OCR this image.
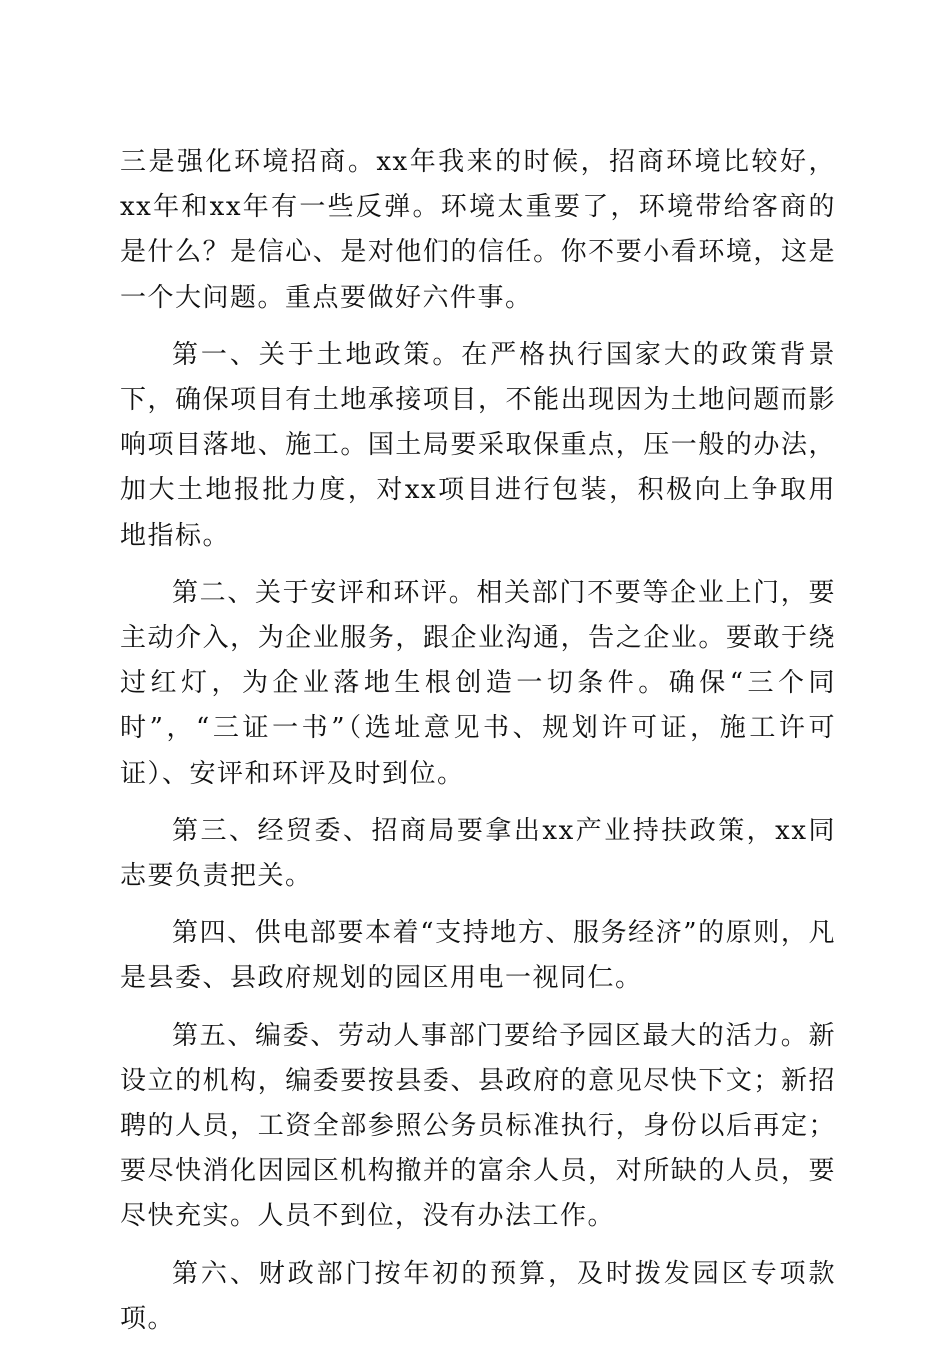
三是强化环境招商。xx年我来的时候，招商环境比较好，xx年和xx年有一些反弹。环境太重要了，环境带给客商的是什么？是信心、是对他们的信任。你不要小看环境，这是一个大问题。重点要做好六件事。

第一、关于土地政策。在严格执行国家大的政策背景下，确保项目有土地承接项目，不能出现因为土地问题而影响项目落地、施工。国土局要采取保重点，压一般的办法，加大土地报批力度，对xx项目进行包装，积极向上争取用地指标。

第二、关于安评和环评。相关部门不要等企业上门，要主动介入，为企业服务，跟企业沟通，告之企业。要敢于绕过红灯，为企业落地生根创造一切条件。确保“三个同时”，“三证一书”（选址意见书、规划许可证，施工许可证）、安评和环评及时到位。

第三、经贸委、招商局要拿出xx产业持扶政策，xx同志要负责把关。

第四、供电部要本着“支持地方、服务经济”的原则，凡是县委、县政府规划的园区用电一视同仁。

第五、编委、劳动人事部门要给予园区最大的活力。新设立的机构，编委要按县委、县政府的意见尽快下文；新招聘的人员，工资全部参照公务员标准执行，身份以后再定；要尽快消化因园区机构撤并的富余人员，对所缺的人员，要尽快充实。人员不到位，没有办法工作。

第六、财政部门按年初的预算，及时拨发园区专项款项。
